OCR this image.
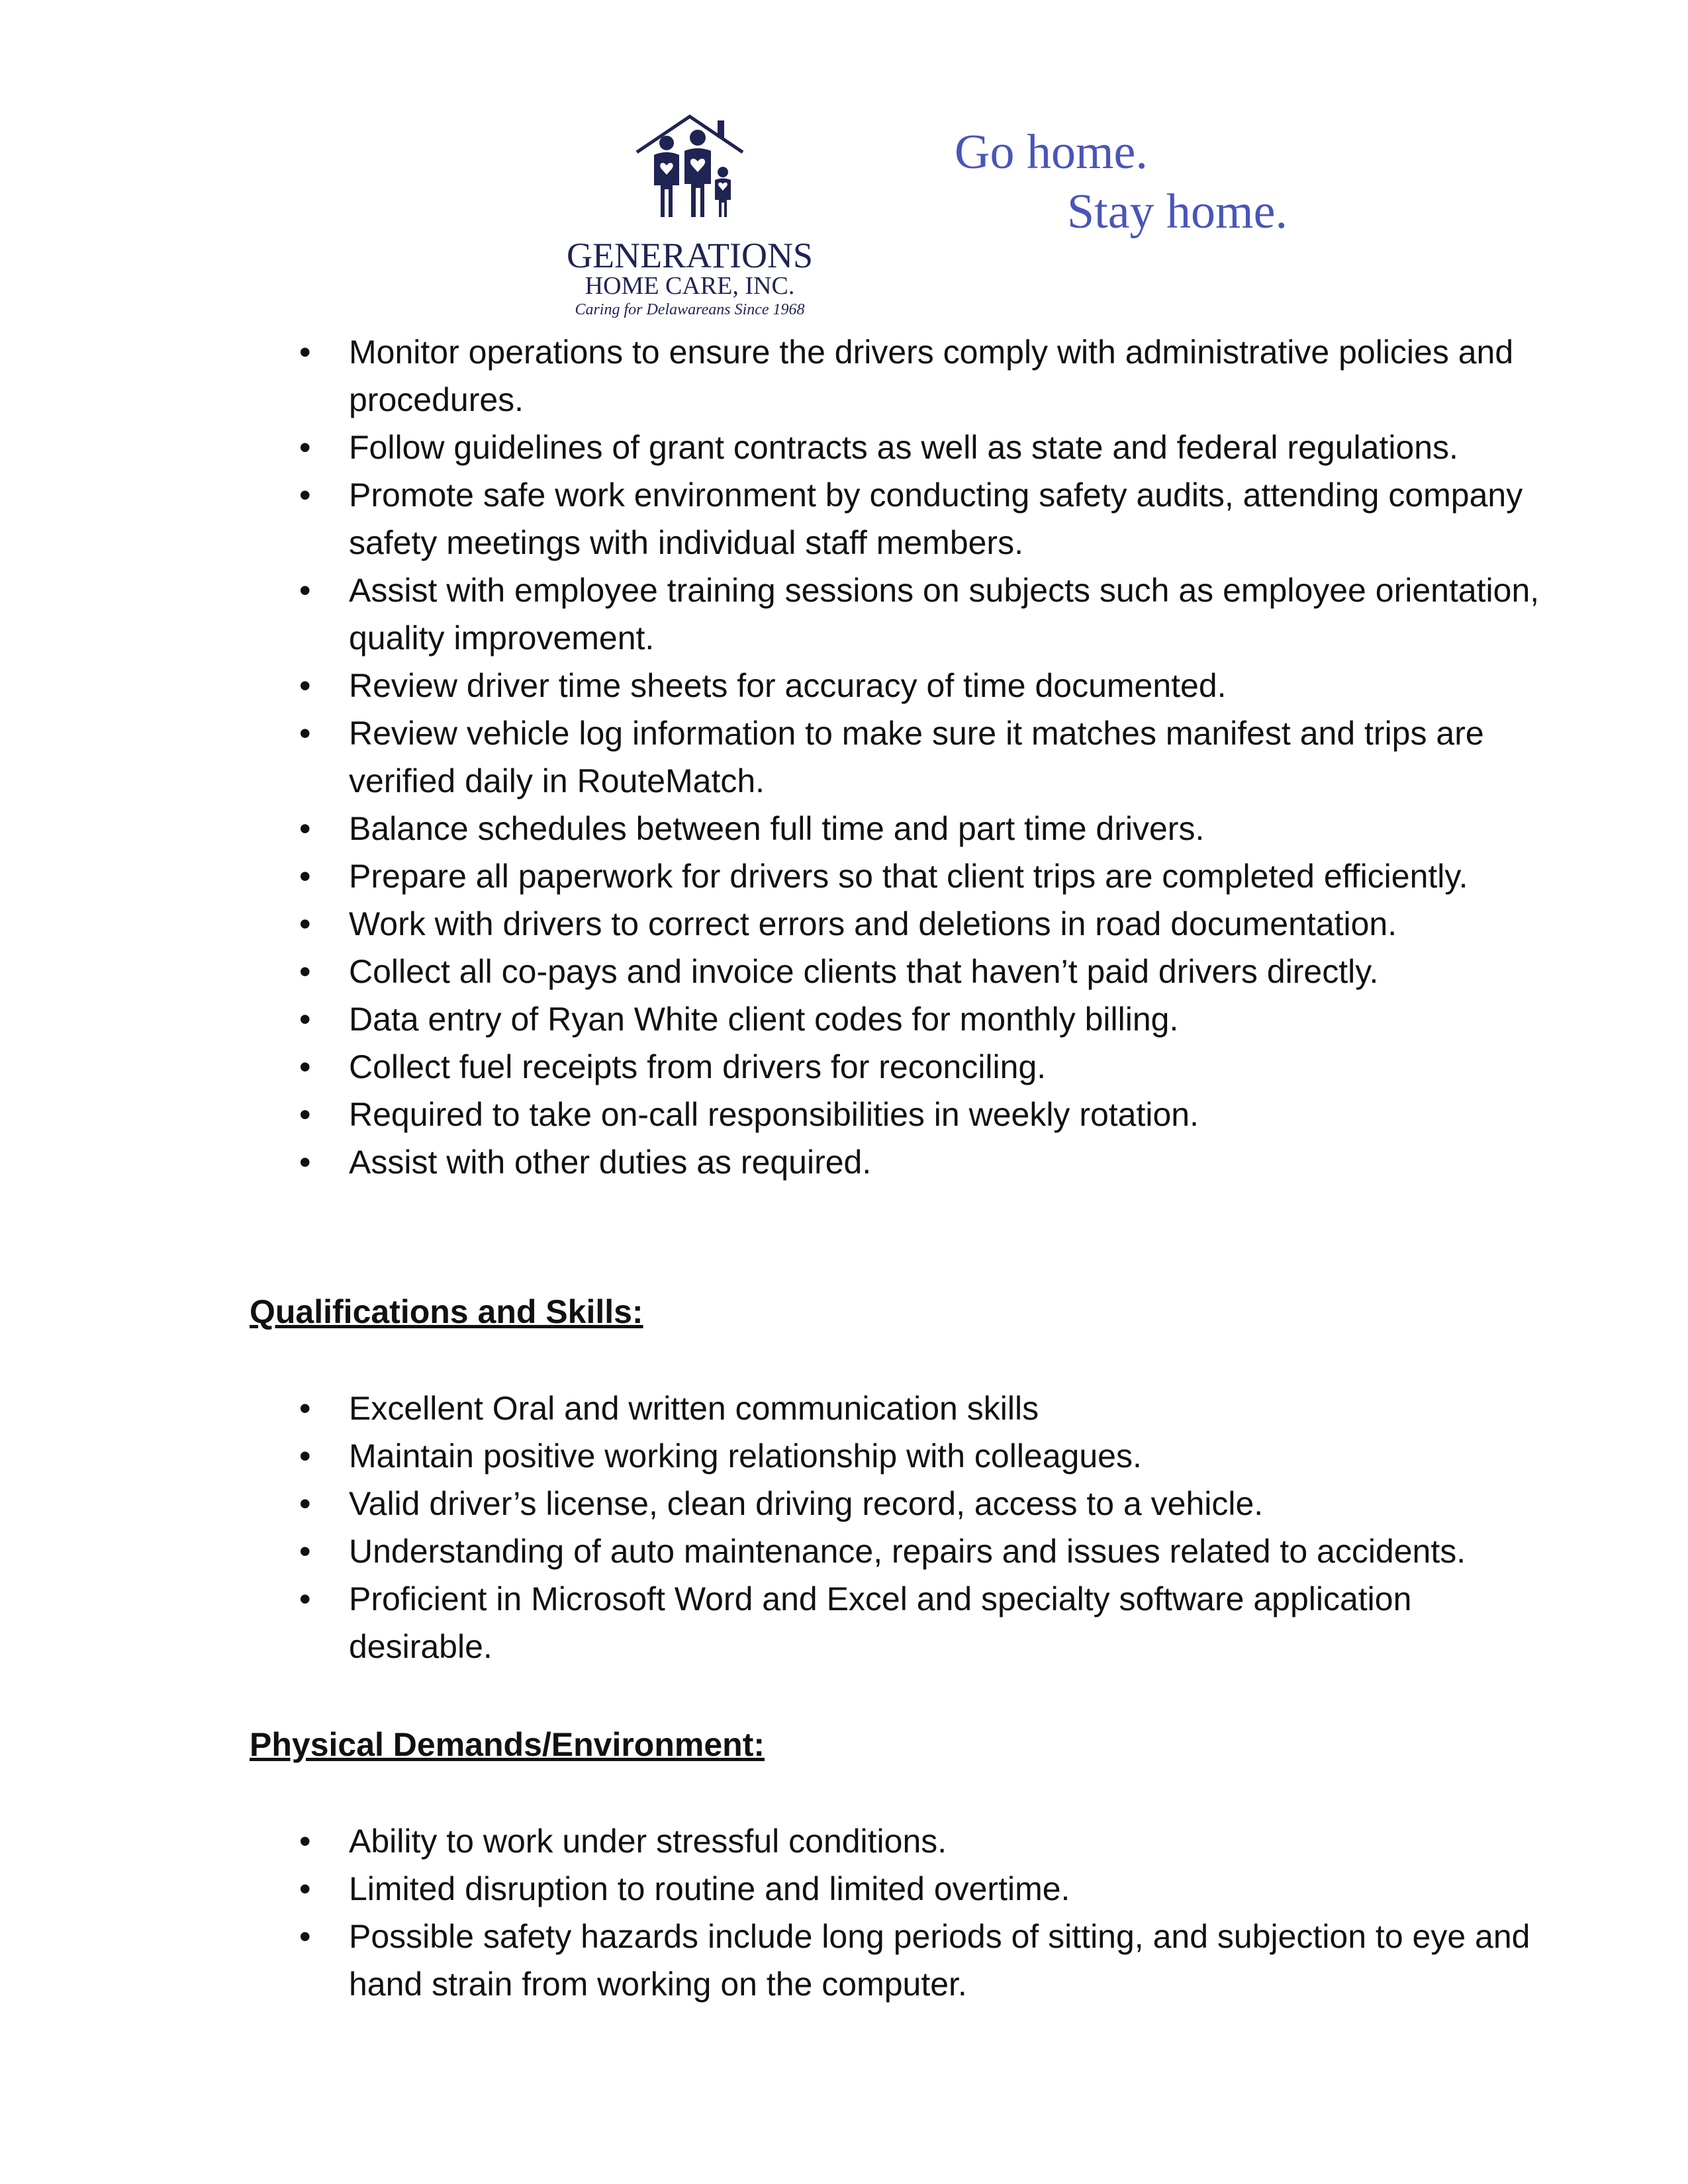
GENERATIONS
HOME CARE, INC.
Caring for Delawareans Since 1968
Go home.
Stay home.
• Monitor operations to ensure the drivers comply with administrative policies and procedures.
• Follow guidelines of grant contracts as well as state and federal regulations.
• Promote safe work environment by conducting safety audits, attending company safety meetings with individual staff members.
• Assist with employee training sessions on subjects such as employee orientation, quality improvement.
• Review driver time sheets for accuracy of time documented.
• Review vehicle log information to make sure it matches manifest and trips are verified daily in RouteMatch.
• Balance schedules between full time and part time drivers.
• Prepare all paperwork for drivers so that client trips are completed efficiently.
• Work with drivers to correct errors and deletions in road documentation.
• Collect all co-pays and invoice clients that haven’t paid drivers directly.
• Data entry of Ryan White client codes for monthly billing.
• Collect fuel receipts from drivers for reconciling.
• Required to take on-call responsibilities in weekly rotation.
• Assist with other duties as required.
Qualifications and Skills:
• Excellent Oral and written communication skills
• Maintain positive working relationship with colleagues.
• Valid driver’s license, clean driving record, access to a vehicle.
• Understanding of auto maintenance, repairs and issues related to accidents.
• Proficient in Microsoft Word and Excel and specialty software application desirable.
Physical Demands/Environment:
• Ability to work under stressful conditions.
• Limited disruption to routine and limited overtime.
• Possible safety hazards include long periods of sitting, and subjection to eye and hand strain from working on the computer.
